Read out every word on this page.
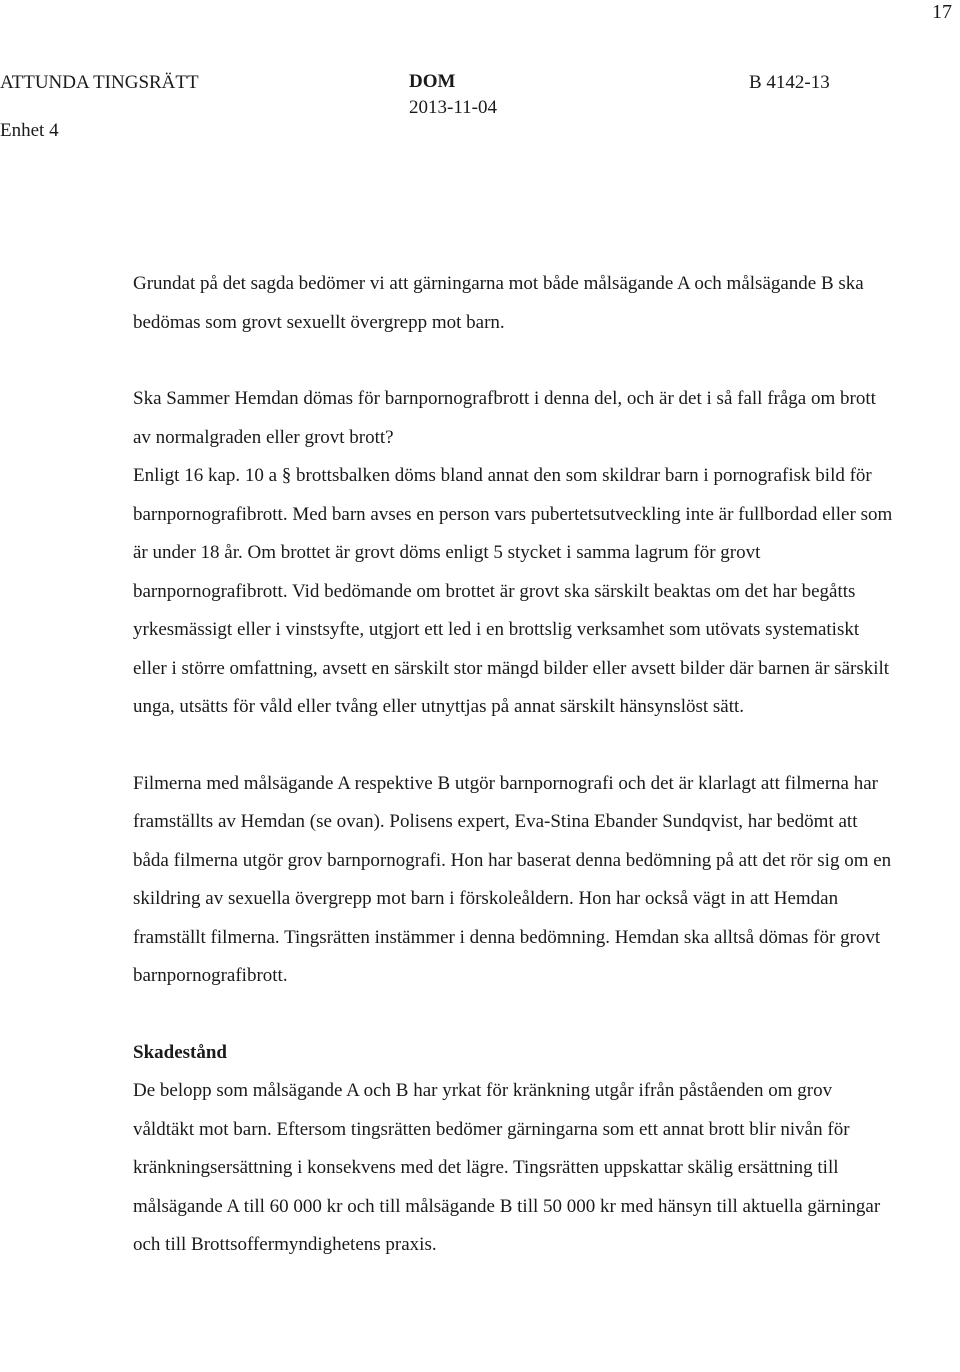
17
ATTUNDA TINGSRÄTT
Enhet 4
DOM
2013-11-04
B 4142-13

Grundat på det sagda bedömer vi att gärningarna mot både målsägande A och målsägande B ska bedömas som grovt sexuellt övergrepp mot barn.

Ska Sammer Hemdan dömas för barnpornografbrott i denna del, och är det i så fall fråga om brott av normalgraden eller grovt brott?

Enligt 16 kap. 10 a § brottsbalken döms bland annat den som skildrar barn i pornografisk bild för barnpornografibrott. Med barn avses en person vars pubertetsutveckling inte är fullbordad eller som är under 18 år. Om brottet är grovt döms enligt 5 stycket i samma lagrum för grovt barnpornografibrott. Vid bedömande om brottet är grovt ska särskilt beaktas om det har begåtts yrkesmässigt eller i vinstsyfte, utgjort ett led i en brottslig verksamhet som utövats systematiskt eller i större omfattning, avsett en särskilt stor mängd bilder eller avsett bilder där barnen är särskilt unga, utsätts för våld eller tvång eller utnyttjas på annat särskilt hänsynslöst sätt.

Filmerna med målsägande A respektive B utgör barnpornografi och det är klarlagt att filmerna har framställts av Hemdan (se ovan). Polisens expert, Eva-Stina Ebander Sundqvist, har bedömt att båda filmerna utgör grov barnpornografi. Hon har baserat denna bedömning på att det rör sig om en skildring av sexuella övergrepp mot barn i förskoleåldern. Hon har också vägt in att Hemdan framställt filmerna. Tingsrätten instämmer i denna bedömning. Hemdan ska alltså dömas för grovt barnpornografibrott.

Skadestånd

De belopp som målsägande A och B har yrkat för kränkning utgår ifrån påståenden om grov våldtäkt mot barn. Eftersom tingsrätten bedömer gärningarna som ett annat brott blir nivån för kränkningsersättning i konsekvens med det lägre. Tingsrätten uppskattar skälig ersättning till målsägande A till 60 000 kr och till målsägande B till 50 000 kr med hänsyn till aktuella gärningar och till Brottsoffermyndighetens praxis.
